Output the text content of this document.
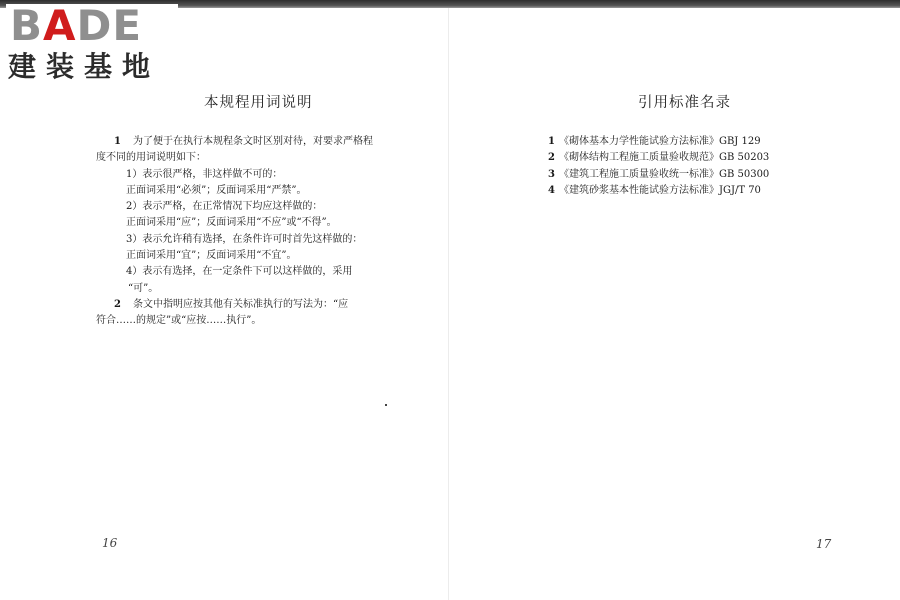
BADE
建装基地
本规程用词说明
1 为了便于在执行本规程条文时区别对待，对要求严格程
度不同的用词说明如下：
1）表示很严格，非这样做不可的：
正面词采用“必须”；反面词采用“严禁”。
2）表示严格，在正常情况下均应这样做的：
正面词采用“应”；反面词采用“不应”或“不得”。
3）表示允许稍有选择，在条件许可时首先这样做的：
正面词采用“宜”；反面词采用“不宜”。
4）表示有选择，在一定条件下可以这样做的，采用
“可”。
2 条文中指明应按其他有关标准执行的写法为：“应
符合……的规定”或“应按……执行”。
16
引用标准名录
1 《砌体基本力学性能试验方法标准》GBJ 129
2 《砌体结构工程施工质量验收规范》GB 50203
3 《建筑工程施工质量验收统一标准》GB 50300
4 《建筑砂浆基本性能试验方法标准》JGJ/T 70
17
